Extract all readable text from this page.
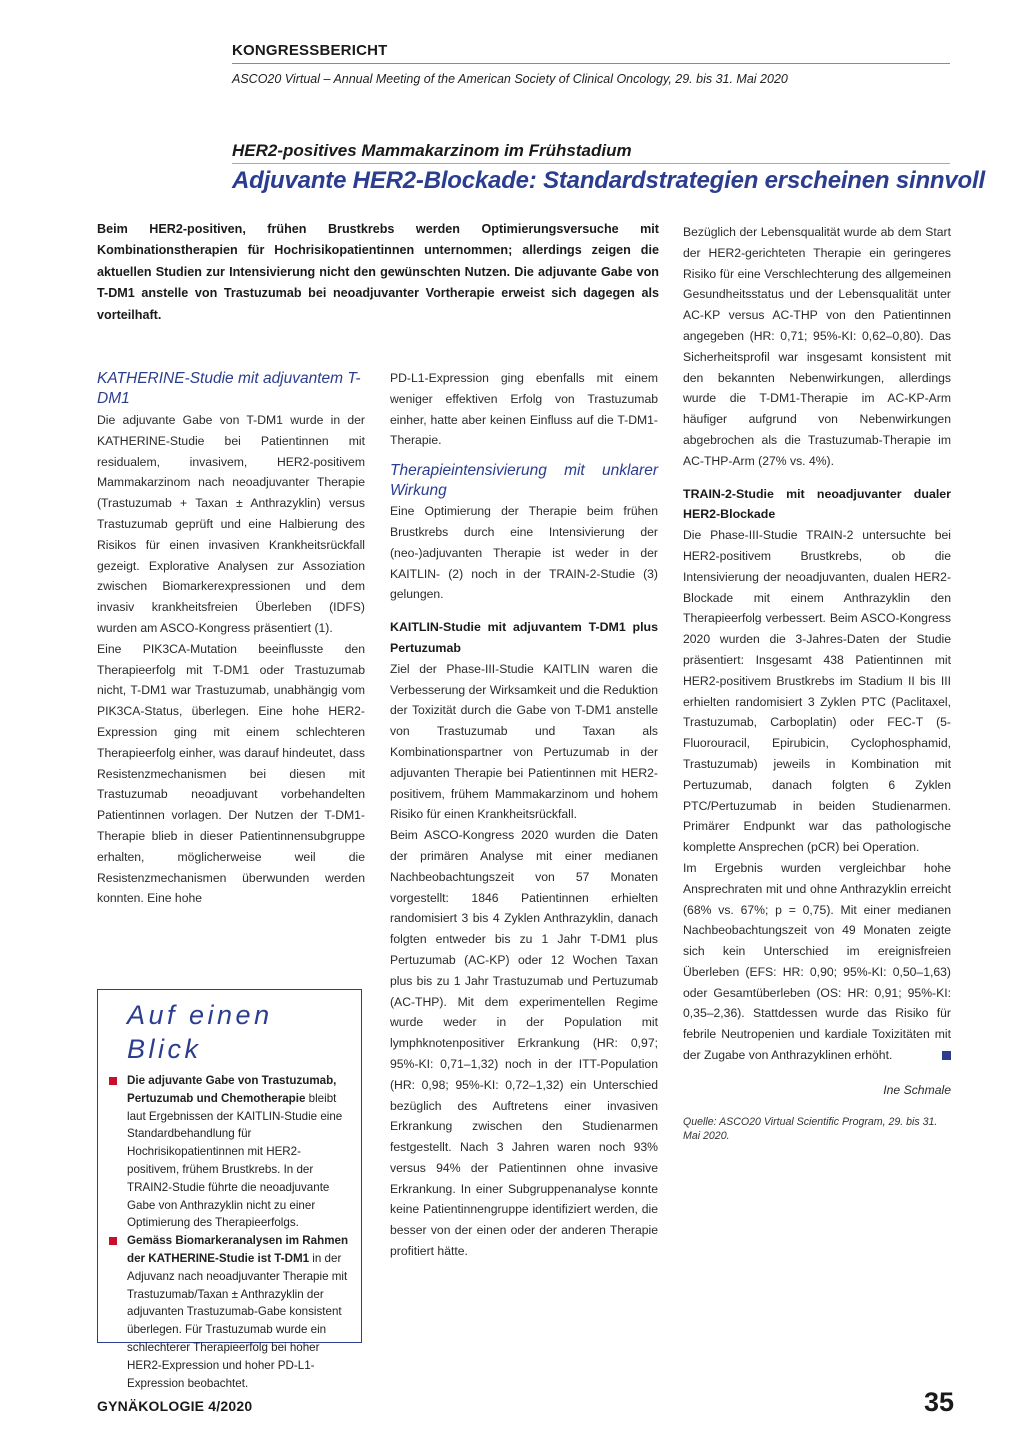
KONGRESSBERICHT
ASCO20 Virtual – Annual Meeting of the American Society of Clinical Oncology, 29. bis 31. Mai 2020
HER2-positives Mammakarzinom im Frühstadium
Adjuvante HER2-Blockade: Standardstrategien erscheinen sinnvoll
Beim HER2-positiven, frühen Brustkrebs werden Optimierungsversuche mit Kombinationstherapien für Hochrisikopatientinnen unternommen; allerdings zeigen die aktuellen Studien zur Intensivierung nicht den gewünschten Nutzen. Die adjuvante Gabe von T-DM1 anstelle von Trastuzumab bei neoadjuvanter Vortherapie erweist sich dagegen als vorteilhaft.

KATHERINE-Studie mit adjuvantem T-DM1

Die adjuvante Gabe von T-DM1 wurde in der KATHERINE-Studie bei Patientinnen mit residualem, invasivem, HER2-positivem Mammakarzinom nach neoadjuvanter Therapie (Trastuzumab + Taxan ± Anthrazyklin) versus Trastuzumab geprüft und eine Halbierung des Risikos für einen invasiven Krankheitsrückfall gezeigt. Explorative Analysen zur Assoziation zwischen Biomarkerexpressionen und dem invasiv krankheitsfreien Überleben (IDFS) wurden am ASCO-Kongress präsentiert (1).

Eine PIK3CA-Mutation beeinflusste den Therapieerfolg mit T-DM1 oder Trastuzumab nicht, T-DM1 war Trastuzumab, unabhängig vom PIK3CA-Status, überlegen. Eine hohe HER2-Expression ging mit einem schlechteren Therapieerfolg einher, was darauf hindeutet, dass Resistenzmechanismen bei diesen mit Trastuzumab neoadjuvant vorbehandelten Patientinnen vorlagen. Der Nutzen der T-DM1-Therapie blieb in dieser Patientinnensubgruppe erhalten, möglicherweise weil die Resistenzmechanismen überwunden werden konnten. Eine hohe

Auf einen Blick

Die adjuvante Gabe von Trastuzumab, Pertuzumab und Chemotherapie bleibt laut Ergebnissen der KAITLIN-Studie eine Standardbehandlung für Hochrisikopatientinnen mit HER2-positivem, frühem Brustkrebs. In der TRAIN2-Studie führte die neoadjuvante Gabe von Anthrazyklin nicht zu einer Optimierung des Therapieerfolgs.
Gemäss Biomarkeranalysen im Rahmen der KATHERINE-Studie ist T-DM1 in der Adjuvanz nach neoadjuvanter Therapie mit Trastuzumab/Taxan ± Anthrazyklin der adjuvanten Trastuzumab-Gabe konsistent überlegen. Für Trastuzumab wurde ein schlechterer Therapieerfolg bei hoher HER2-Expression und hoher PD-L1-Expression beobachtet.

PD-L1-Expression ging ebenfalls mit einem weniger effektiven Erfolg von Trastuzumab einher, hatte aber keinen Einfluss auf die T-DM1-Therapie.

Therapieintensivierung mit unklarer Wirkung

Eine Optimierung der Therapie beim frühen Brustkrebs durch eine Intensivierung der (neo-)adjuvanten Therapie ist weder in der KAITLIN- (2) noch in der TRAIN-2-Studie (3) gelungen.

KAITLIN-Studie mit adjuvantem T-DM1 plus Pertuzumab

Ziel der Phase-III-Studie KAITLIN waren die Verbesserung der Wirksamkeit und die Reduktion der Toxizität durch die Gabe von T-DM1 anstelle von Trastuzumab und Taxan als Kombinationspartner von Pertuzumab in der adjuvanten Therapie bei Patientinnen mit HER2-positivem, frühem Mammakarzinom und hohem Risiko für einen Krankheitsrückfall.

Beim ASCO-Kongress 2020 wurden die Daten der primären Analyse mit einer medianen Nachbeobachtungszeit von 57 Monaten vorgestellt: 1846 Patientinnen erhielten randomisiert 3 bis 4 Zyklen Anthrazyklin, danach folgten entweder bis zu 1 Jahr T-DM1 plus Pertuzumab (AC-KP) oder 12 Wochen Taxan plus bis zu 1 Jahr Trastuzumab und Pertuzumab (AC-THP). Mit dem experimentellen Regime wurde weder in der Population mit lymphknotenpositiver Erkrankung (HR: 0,97; 95%-KI: 0,71–1,32) noch in der ITT-Population (HR: 0,98; 95%-KI: 0,72–1,32) ein Unterschied bezüglich des Auftretens einer invasiven Erkrankung zwischen den Studienarmen festgestellt. Nach 3 Jahren waren noch 93% versus 94% der Patientinnen ohne invasive Erkrankung. In einer Subgruppenanalyse konnte keine Patientinnengruppe identifiziert werden, die besser von der einen oder der anderen Therapie profitiert hätte.

Bezüglich der Lebensqualität wurde ab dem Start der HER2-gerichteten Therapie ein geringeres Risiko für eine Verschlechterung des allgemeinen Gesundheitsstatus und der Lebensqualität unter AC-KP versus AC-THP von den Patientinnen angegeben (HR: 0,71; 95%-KI: 0,62–0,80). Das Sicherheitsprofil war insgesamt konsistent mit den bekannten Nebenwirkungen, allerdings wurde die T-DM1-Therapie im AC-KP-Arm häufiger aufgrund von Nebenwirkungen abgebrochen als die Trastuzumab-Therapie im AC-THP-Arm (27% vs. 4%).

TRAIN-2-Studie mit neoadjuvanter dualer HER2-Blockade

Die Phase-III-Studie TRAIN-2 untersuchte bei HER2-positivem Brustkrebs, ob die Intensivierung der neoadjuvanten, dualen HER2-Blockade mit einem Anthrazyklin den Therapieerfolg verbessert. Beim ASCO-Kongress 2020 wurden die 3-Jahres-Daten der Studie präsentiert: Insgesamt 438 Patientinnen mit HER2-positivem Brustkrebs im Stadium II bis III erhielten randomisiert 3 Zyklen PTC (Paclitaxel, Trastuzumab, Carboplatin) oder FEC-T (5-Fluorouracil, Epirubicin, Cyclophosphamid, Trastuzumab) jeweils in Kombination mit Pertuzumab, danach folgten 6 Zyklen PTC/Pertuzumab in beiden Studienarmen. Primärer Endpunkt war das pathologische komplette Ansprechen (pCR) bei Operation.

Im Ergebnis wurden vergleichbar hohe Ansprechraten mit und ohne Anthrazyklin erreicht (68% vs. 67%; p = 0,75). Mit einer medianen Nachbeobachtungszeit von 49 Monaten zeigte sich kein Unterschied im ereignisfreien Überleben (EFS: HR: 0,90; 95%-KI: 0,50–1,63) oder Gesamtüberleben (OS: HR: 0,91; 95%-KI: 0,35–2,36). Stattdessen wurde das Risiko für febrile Neutropenien und kardiale Toxizitäten mit der Zugabe von Anthrazyklinen erhöht.

Ine Schmale

Quelle: ASCO20 Virtual Scientific Program, 29. bis 31. Mai 2020.

GYNÄKOLOGIE 4/2020	35
